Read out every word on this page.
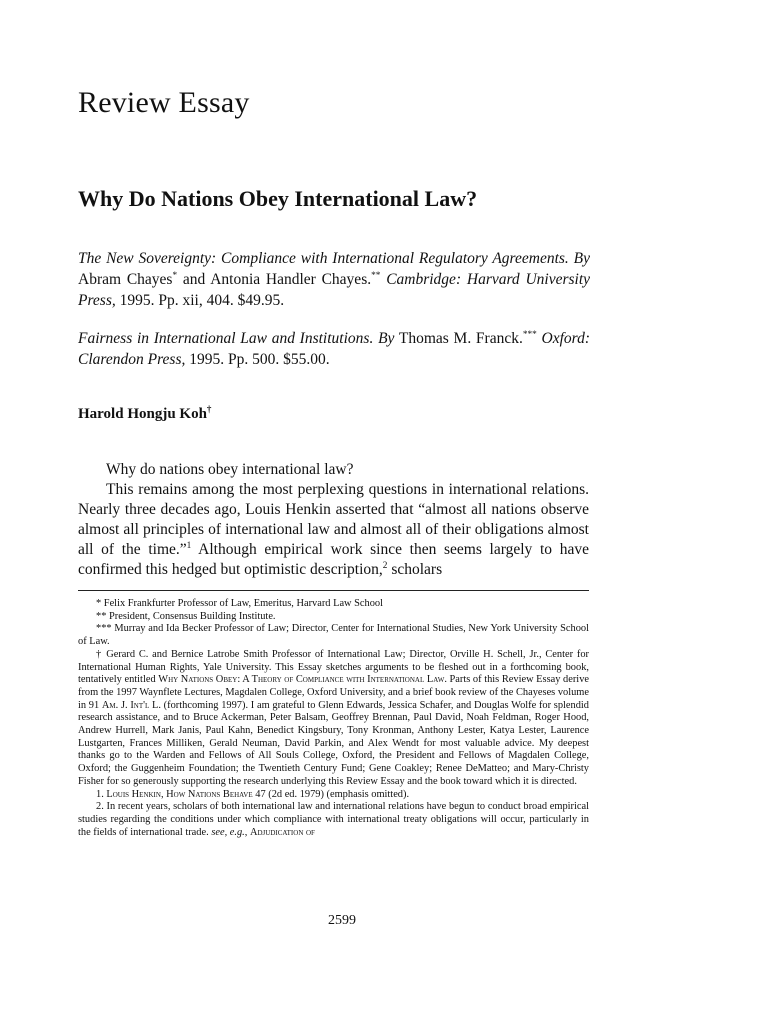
Review Essay
Why Do Nations Obey International Law?
The New Sovereignty: Compliance with International Regulatory Agreements. By Abram Chayes* and Antonia Handler Chayes.** Cambridge: Harvard University Press, 1995. Pp. xii, 404. $49.95.
Fairness in International Law and Institutions. By Thomas M. Franck.*** Oxford: Clarendon Press, 1995. Pp. 500. $55.00.
Harold Hongju Koh†

Why do nations obey international law?

This remains among the most perplexing questions in international relations. Nearly three decades ago, Louis Henkin asserted that “almost all nations observe almost all principles of international law and almost all of their obligations almost all of the time.”$^1$ Although empirical work since then seems largely to have confirmed this hedged but optimistic description,$^2$ scholars

* Felix Frankfurter Professor of Law, Emeritus, Harvard Law School

** President, Consensus Building Institute.

*** Murray and Ida Becker Professor of Law; Director, Center for International Studies, New York University School of Law.

† Gerard C. and Bernice Latrobe Smith Professor of International Law; Director, Orville H. Schell, Jr., Center for International Human Rights, Yale University. This Essay sketches arguments to be fleshed out in a forthcoming book, tentatively entitled Why Nations Obey: A Theory of Compliance with International Law. Parts of this Review Essay derive from the 1997 Waynflete Lectures, Magdalen College, Oxford University, and a brief book review of the Chayeses volume in 91 Am. J. Int'l L. (forthcoming 1997). I am grateful to Glenn Edwards, Jessica Schafer, and Douglas Wolfe for splendid research assistance, and to Bruce Ackerman, Peter Balsam, Geoffrey Brennan, Paul David, Noah Feldman, Roger Hood, Andrew Hurrell, Mark Janis, Paul Kahn, Benedict Kingsbury, Tony Kronman, Anthony Lester, Katya Lester, Laurence Lustgarten, Frances Milliken, Gerald Neuman, David Parkin, and Alex Wendt for most valuable advice. My deepest thanks go to the Warden and Fellows of All Souls College, Oxford, the President and Fellows of Magdalen College, Oxford; the Guggenheim Foundation; the Twentieth Century Fund; Gene Coakley; Renee DeMatteo; and Mary-Christy Fisher for so generously supporting the research underlying this Review Essay and the book toward which it is directed.

1. Louis Henkin, How Nations Behave 47 (2d ed. 1979) (emphasis omitted).

2. In recent years, scholars of both international law and international relations have begun to conduct broad empirical studies regarding the conditions under which compliance with international treaty obligations will occur, particularly in the fields of international trade. see, e.g., Adjudication of

2599
